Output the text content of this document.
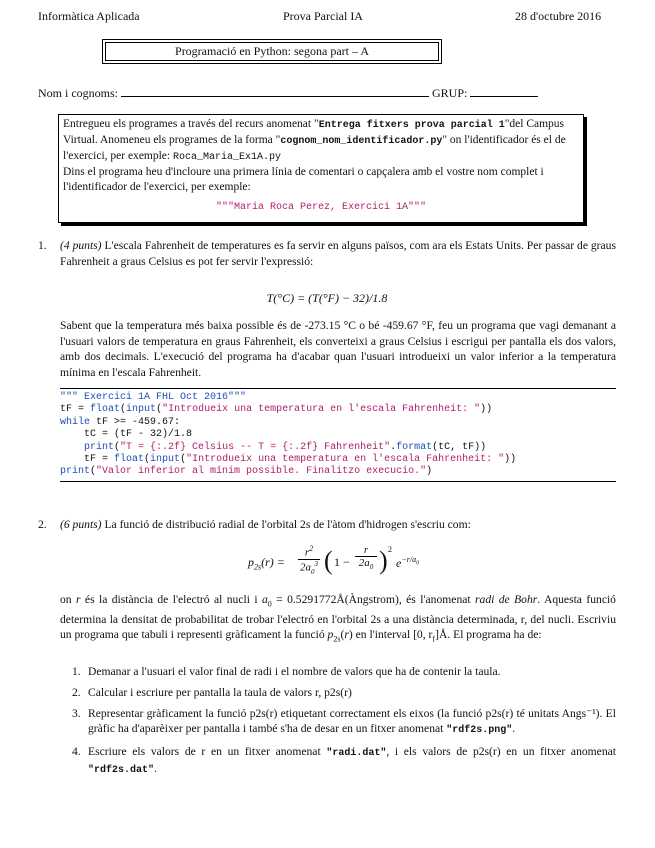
Informàtica Aplicada	Prova Parcial IA	28 d'octubre 2016
Programació en Python: segona part – A
Nom i cognoms:	GRUP:
Entregueu els programes a través del recurs anomenat "Entrega fitxers prova parcial 1"del Campus Virtual. Anomeneu els programes de la forma "cognom_nom_identificador.py" on l'identificador és el de l'exercici, per exemple: Roca_Maria_Ex1A.py
Dins el programa heu d'incloure una primera línia de comentari o capçalera amb el vostre nom complet i l'identificador de l'exercici, per exemple:
"""Maria Roca Perez, Exercici 1A"""
1. (4 punts) L'escala Fahrenheit de temperatures es fa servir en alguns països, com ara els Estats Units. Per passar de graus Fahrenheit a graus Celsius es pot fer servir l'expressió:
T(°C) = (T(°F) − 32)/1.8
Sabent que la temperatura més baixa possible és de -273.15 °C o bé -459.67 °F, feu un programa que vagi demanant a l'usuari valors de temperatura en graus Fahrenheit, els converteixi a graus Celsius i escrigui per pantalla els dos valors, amb dos decimals. L'execució del programa ha d'acabar quan l'usuari introdueixi un valor inferior a la temperatura mínima en l'escala Fahrenheit.
""" Exercici 1A FHL Oct 2016"""
tF = float(input("Introdueix una temperatura en l'escala Fahrenheit: "))
while tF >= -459.67:
tC = (tF - 32)/1.8
print("T = {:.2f} Celsius -- T = {:.2f} Fahrenheit".format(tC, tF))
tF = float(input("Introdueix una temperatura en l'escala Fahrenheit: "))
print("Valor inferior al mínim possible. Finalitzo execucio.")
2. (6 punts) La funció de distribució radial de l'orbital 2s de l'àtom d'hidrogen s'escriu com:
$p_{2s}(r) = \frac{r^2}{2a_0^3}$ ( $1 - \frac{r}{2a_0}$ ) 2
$e^{-r/a_0}$
on r és la distància de l'electró al nucli i $a_0$ = 0.5291772Å(Àngstrom), és l'anomenat radi de Bohr. Aquesta funció determina la densitat de probabilitat de trobar l'electró en l'orbital 2s a una distància determinada, r, del nucli. Escriviu un programa que tabuli i representi gràficament la funció $p_{2s}(r)$ en l'interval [0, $r_f]Å$. El programa ha de:
1. Demanar a l'usuari el valor final de radi i el nombre de valors que ha de contenir la taula.
2. Calcular i escriure per pantalla la taula de valors r, p2s(r)
3. Representar gràficament la funció p2s(r) etiquetant correctament els eixos (la funció p2s(r) té unitats Angs⁻¹). El gràfic ha d'aparèixer per pantalla i també s'ha de desar en un fitxer anomenat "rdf2s.png".
4. Escriure els valors de r en un fitxer anomenat "radi.dat", i els valors de p2s(r) en un fitxer anomenat "rdf2s.dat".
